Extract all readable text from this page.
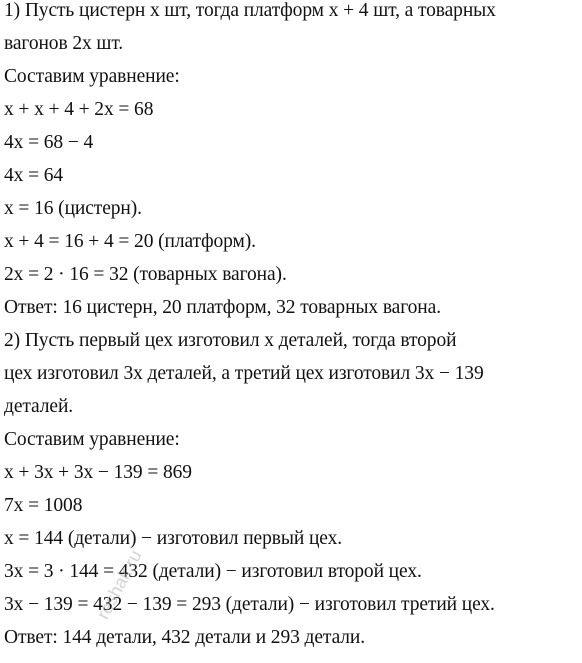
1) Пусть цистерн x шт, тогда платформ x + 4 шт, а товарных
вагонов 2x шт.
Составим уравнение:
x + x + 4 + 2x = 68
4x = 68 − 4
4x = 64
x = 16 (цистерн).
x + 4 = 16 + 4 = 20 (платформ).
2x = 2 · 16 = 32 (товарных вагона).
Ответ: 16 цистерн, 20 платформ, 32 товарных вагона.
2) Пусть первый цех изготовил x деталей, тогда второй
цех изготовил 3x деталей, а третий цех изготовил 3x − 139
деталей.
Составим уравнение:
x + 3x + 3x − 139 = 869
7x = 1008
x = 144 (детали) − изготовил первый цех.
3x = 3 · 144 = 432 (детали) − изготовил второй цех.
3x − 139 = 432 − 139 = 293 (детали) − изготовил третий цех.
Ответ: 144 детали, 432 детали и 293 детали.
reshak.ru
